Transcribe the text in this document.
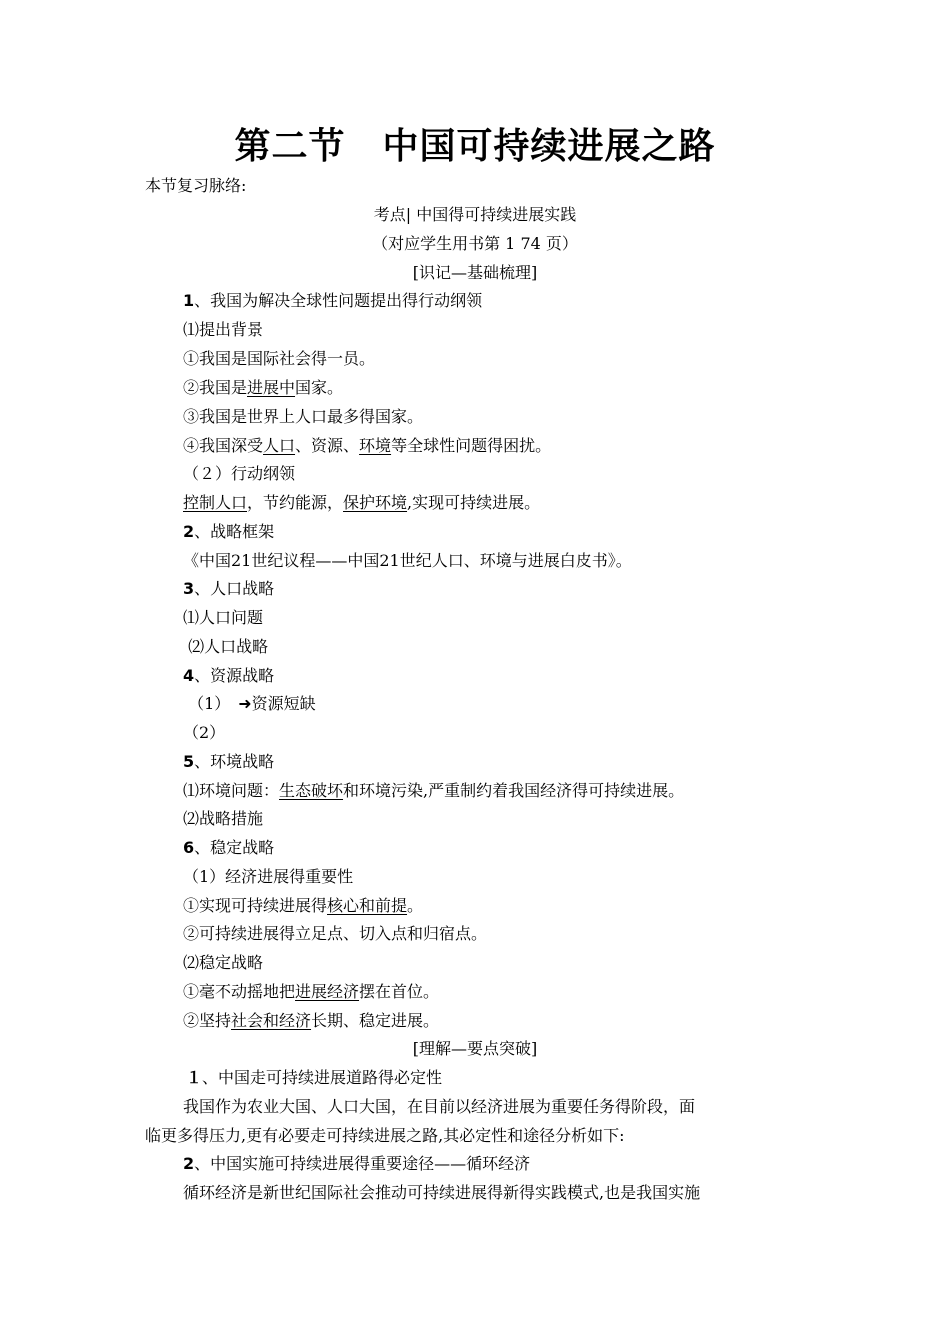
第二节　中国可持续进展之路
本节复习脉络:
考点| 中国得可持续进展实践
（对应学生用书第 1 74 页）
[识记—基础梳理]
1、我国为解决全球性问题提出得行动纲领
⑴提出背景
①我国是国际社会得一员。
②我国是进展中国家。
③我国是世界上人口最多得国家。
④我国深受人口、资源、环境等全球性问题得困扰。
（２）行动纲领
控制人口，节约能源，保护环境,实现可持续进展。
2、战略框架
《中国21世纪议程——中国21世纪人口、环境与进展白皮书》。
3、人口战略
⑴人口问题
⑵人口战略
4、资源战略
（1）　➜资源短缺
（2）
5、环境战略
⑴环境问题：生态破坏和环境污染,严重制约着我国经济得可持续进展。
⑵战略措施
6、稳定战略
（1）经济进展得重要性
①实现可持续进展得核心和前提。
②可持续进展得立足点、切入点和归宿点。
⑵稳定战略
①毫不动摇地把进展经济摆在首位。
②坚持社会和经济长期、稳定进展。
[理解—要点突破]
１、中国走可持续进展道路得必定性
我国作为农业大国、人口大国，在目前以经济进展为重要任务得阶段，面
临更多得压力,更有必要走可持续进展之路,其必定性和途径分析如下:
2、中国实施可持续进展得重要途径——循环经济
循环经济是新世纪国际社会推动可持续进展得新得实践模式,也是我国实施
